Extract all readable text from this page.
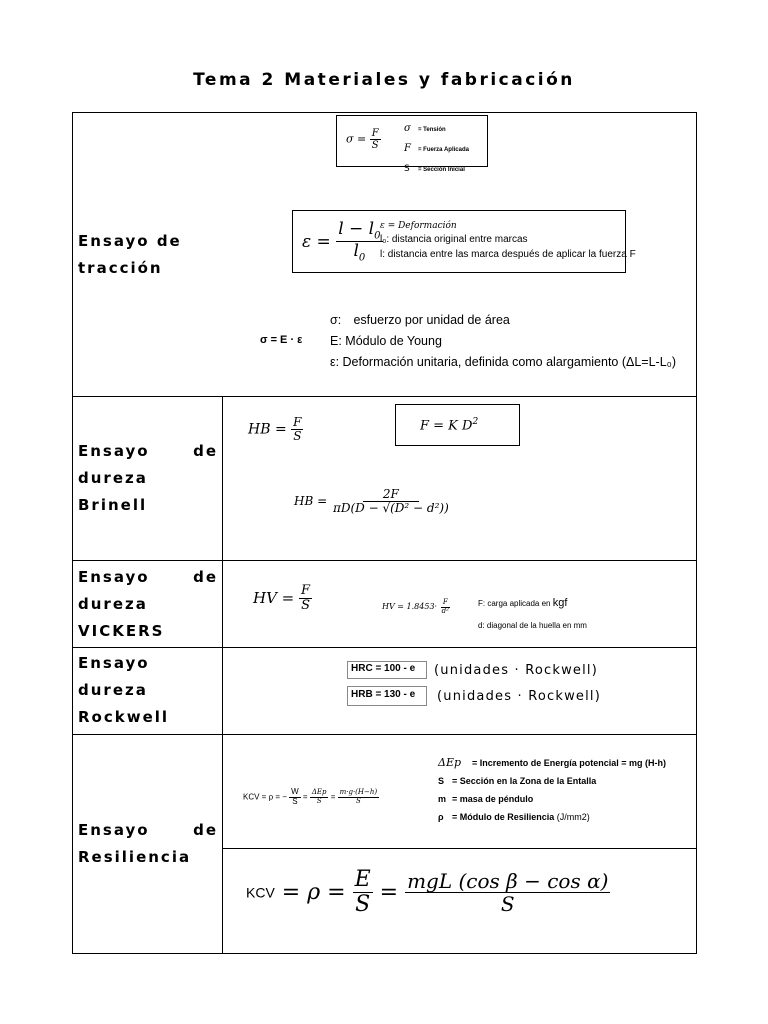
Tema 2 Materiales y fabricación
Ensayo de
tracción
$\sigma = \frac{F}{S}$ σ = Tensión
F = Fuerza Aplicada
S = Sección Inicial
$\varepsilon = \frac{l - l_0}{l_0}$
ε = Deformación
l₀: distancia original entre marcas
l: distancia entre las marca después de aplicar la fuerza F
σ = E · ε
σ: esfuerzo por unidad de área
E: Módulo de Young
ε: Deformación unitaria, definida como alargamiento (ΔL=L-L₀)
Ensayo	de
dureza
Brinell
HB = $\frac{F}{S}$	F = K $D^2$
HB = $\frac{2F}{\text{πD(D − √(D² − d²))}}$
Ensayo	de
dureza
VICKERS
HV = $\frac{F}{S}$	HV = $1.8453\cdot \frac{F}{\text{d²}}$	F: carga aplicada en kgf
d: diagonal de la huella en mm
Ensayo
dureza
Rockwell
HRC = 100 - e (unidades · Rockwell)
HRB = 130 - e (unidades · Rockwell)
Ensayo	de
Resiliencia
KCV = ρ = − $\frac{W}{S} = \frac{\text{ΔEp}}{S} = \frac{m\cdot g\cdot(H-h)}{S}$
ΔEp = Incremento de Energía potencial = mg (H-h)
S = Sección en la Zona de la Entalla
m = masa de péndulo
ρ = Módulo de Resiliencia (J/mm2)
KCV = $\rho = \frac{E}{S} = \frac{\text{mgL (cos β − cos α)}}{S}$
